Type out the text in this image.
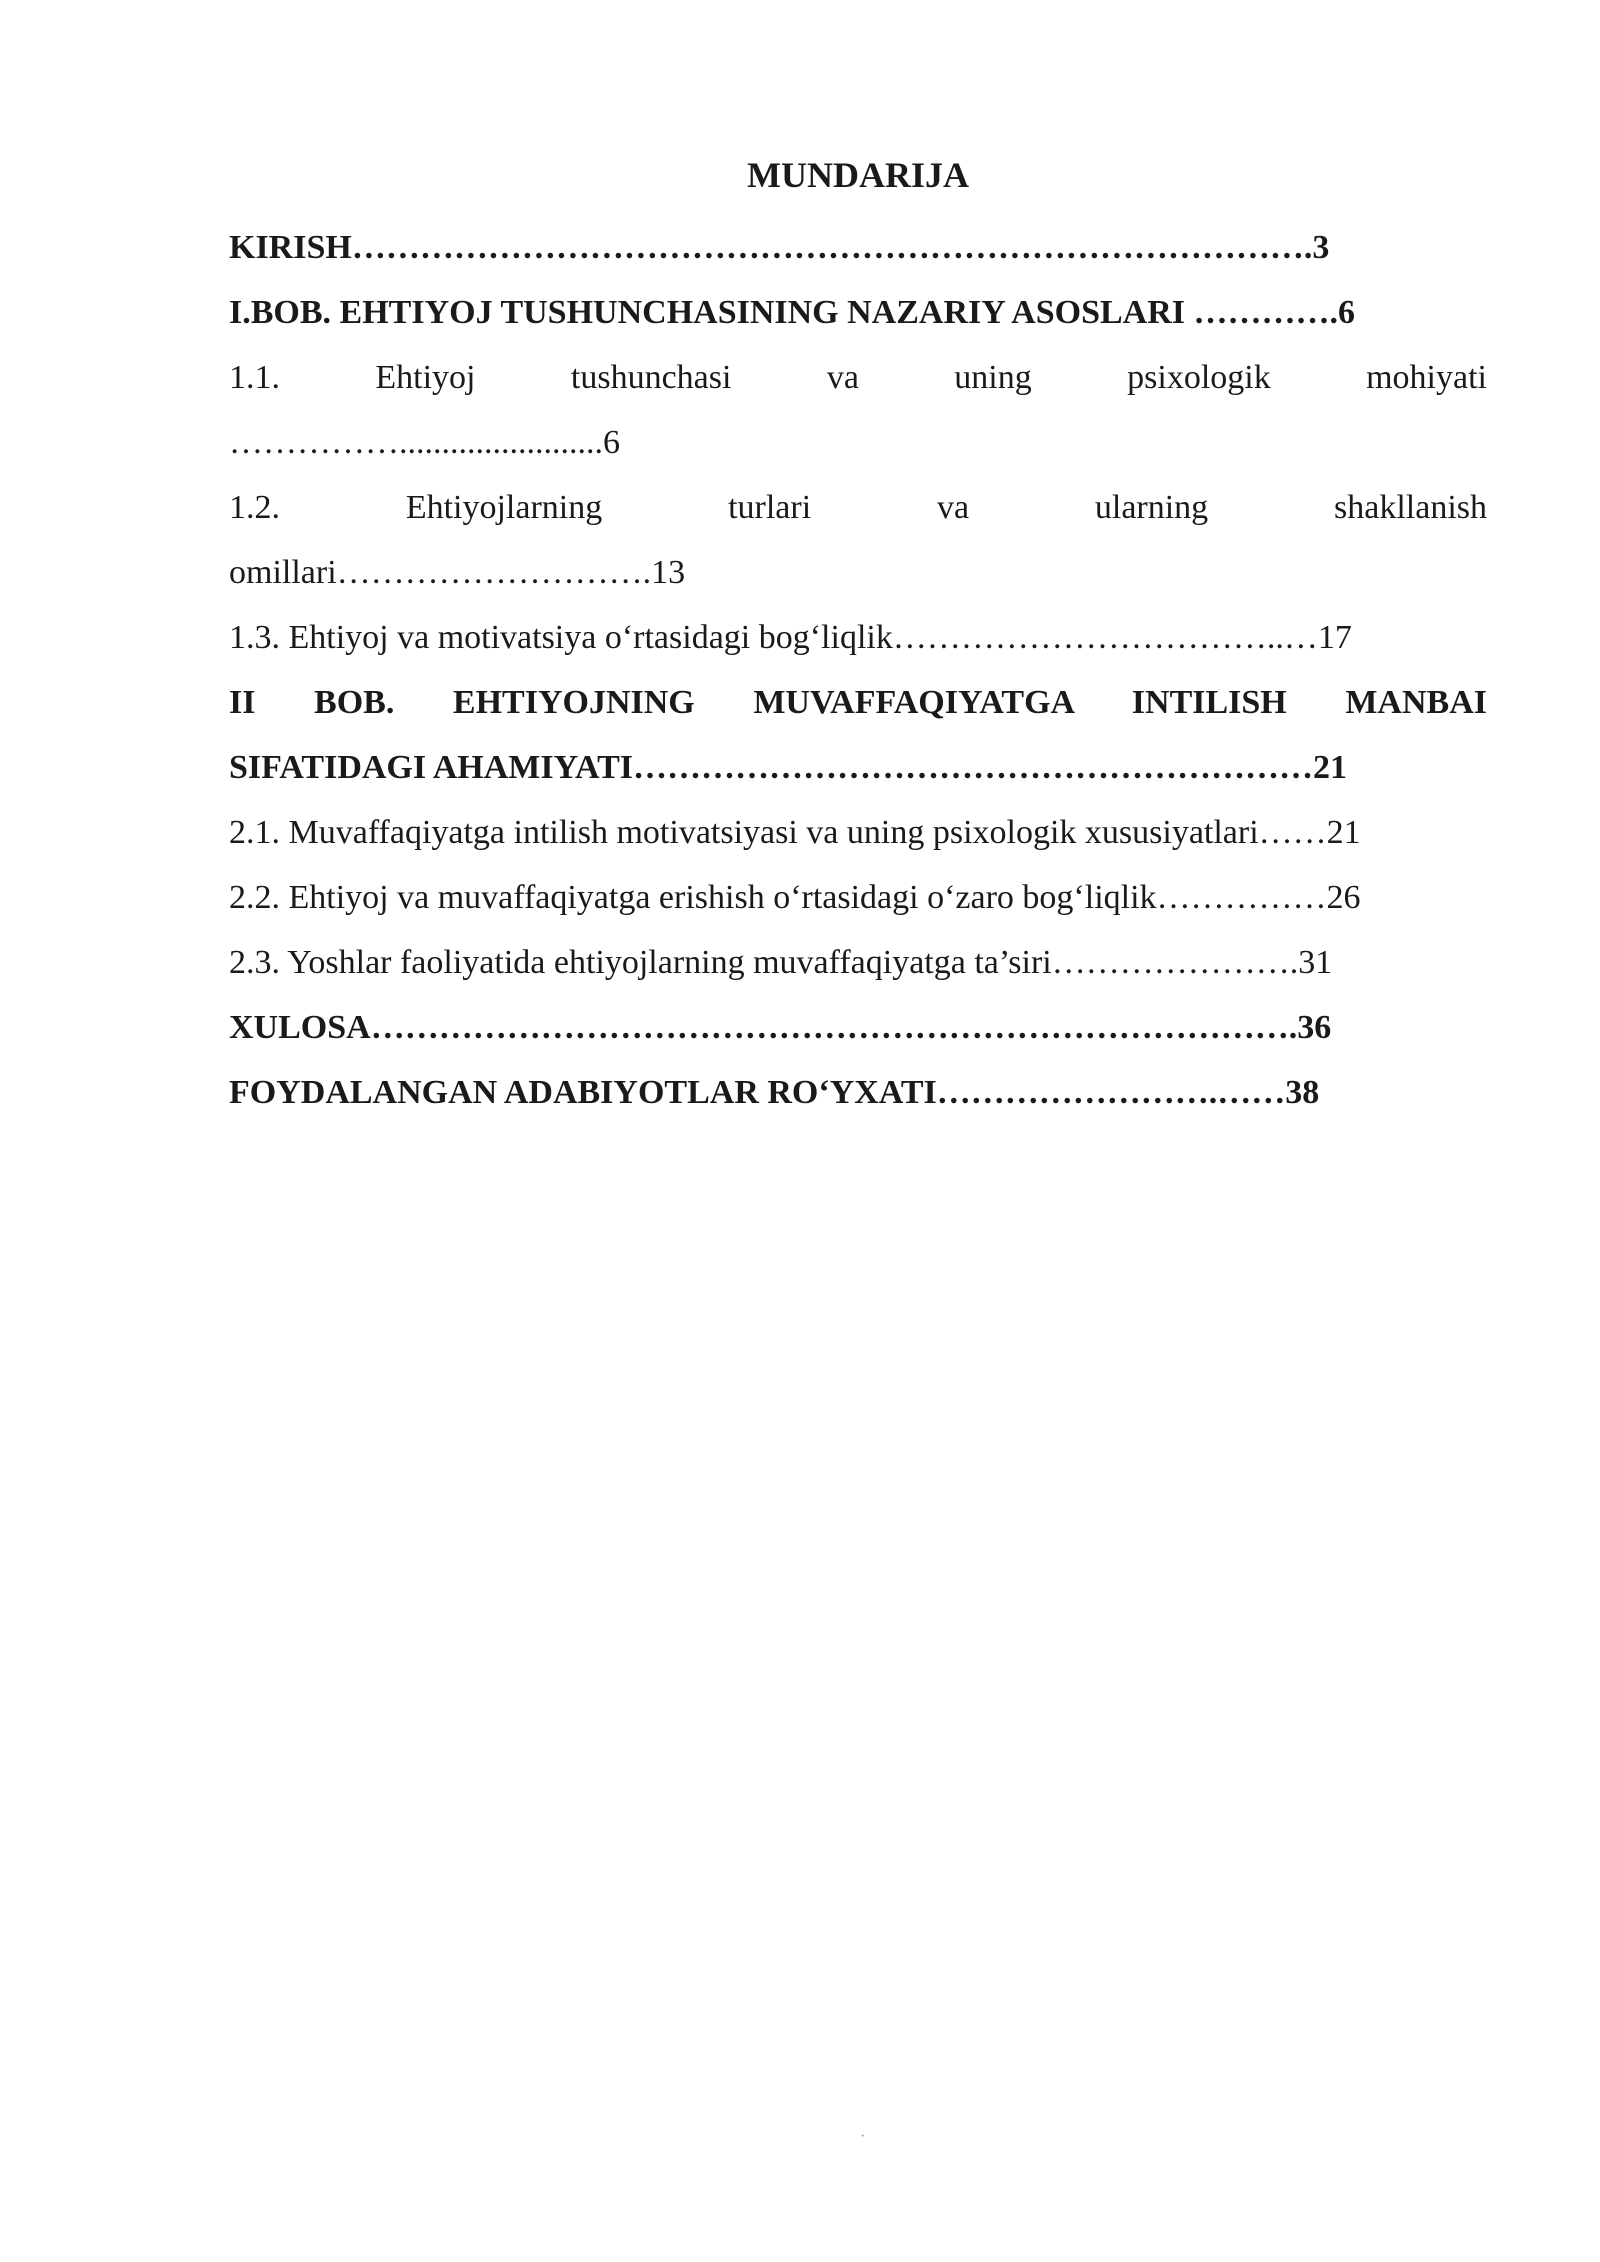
MUNDARIJA
KIRISH………………………………………………………………………….3
I.BOB. EHTIYOJ TUSHUNCHASINING NAZARIY ASOSLARI ………….6
1.1. Ehtiyoj tushunchasi va uning psixologik mohiyati
……………........................6
1.2. Ehtiyojlarning turlari va ularning shakllanish
omillari……………………….13
1.3. Ehtiyoj va motivatsiya o‘rtasidagi bog‘liqlik……………………………..…17
II BOB. EHTIYOJNING MUVAFFAQIYATGA INTILISH MANBAI
SIFATIDAGI AHAMIYATI……………………………………………………21
2.1. Muvaffaqiyatga intilish motivatsiyasi va uning psixologik xususiyatlari……21
2.2. Ehtiyoj va muvaffaqiyatga erishish o‘rtasidagi o‘zaro bog‘liqlik……………26
2.3. Yoshlar faoliyatida ehtiyojlarning muvaffaqiyatga ta’siri………………….31
XULOSA……………………………………………………………………….36
FOYDALANGAN ADABIYOTLAR RO‘YXATI…………………….……38
·
